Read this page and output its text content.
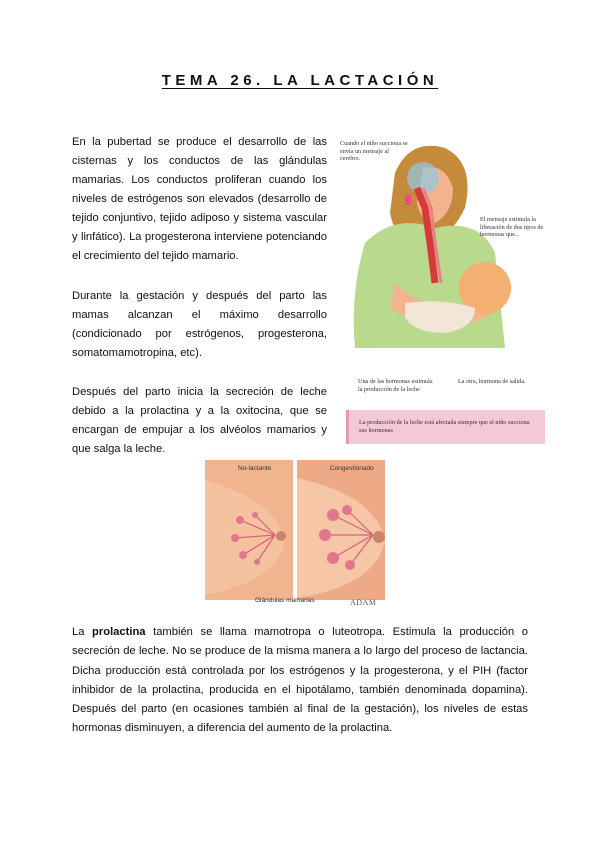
TEMA 26. LA LACTACIÓN

En la pubertad se produce el desarrollo de las cisternas y los conductos de las glándulas mamarias. Los conductos proliferan cuando los niveles de estrógenos son elevados (desarrollo de tejido conjuntivo, tejido adiposo y sistema vascular y linfático). La progesterona interviene potenciando el crecimiento del tejido mamario.

Durante la gestación y después del parto las mamas alcanzan el máximo desarrollo (condicionado por estrógenos, progesterona, somatomamotropina, etc).

Después del parto inicia la secreción de leche debido a la prolactina y a la oxitocina, que se encargan de empujar a los alvéolos mamarios y que salga la leche.

Cuando el niño succiona se envía un mensaje al cerebro.
El mensaje estimula la liberación de dos tipos de hormonas que...
Una de las hormonas estimula la producción de la leche
La otra, hormona de salida.
La producción de la leche está afectada siempre que el niño succiona sus hormonas
No-lactante	Congestionado
Glándulas mamarias	ADAM

La prolactina también se llama mamotropa o luteotropa. Estimula la producción o secreción de leche. No se produce de la misma manera a lo largo del proceso de lactancia. Dicha producción está controlada por los estrógenos y la progesterona, y el PIH (factor inhibidor de la prolactina, producida en el hipotálamo, también denominada dopamina). Después del parto (en ocasiones también al final de la gestación), los niveles de estas hormonas disminuyen, a diferencia del aumento de la prolactina.
